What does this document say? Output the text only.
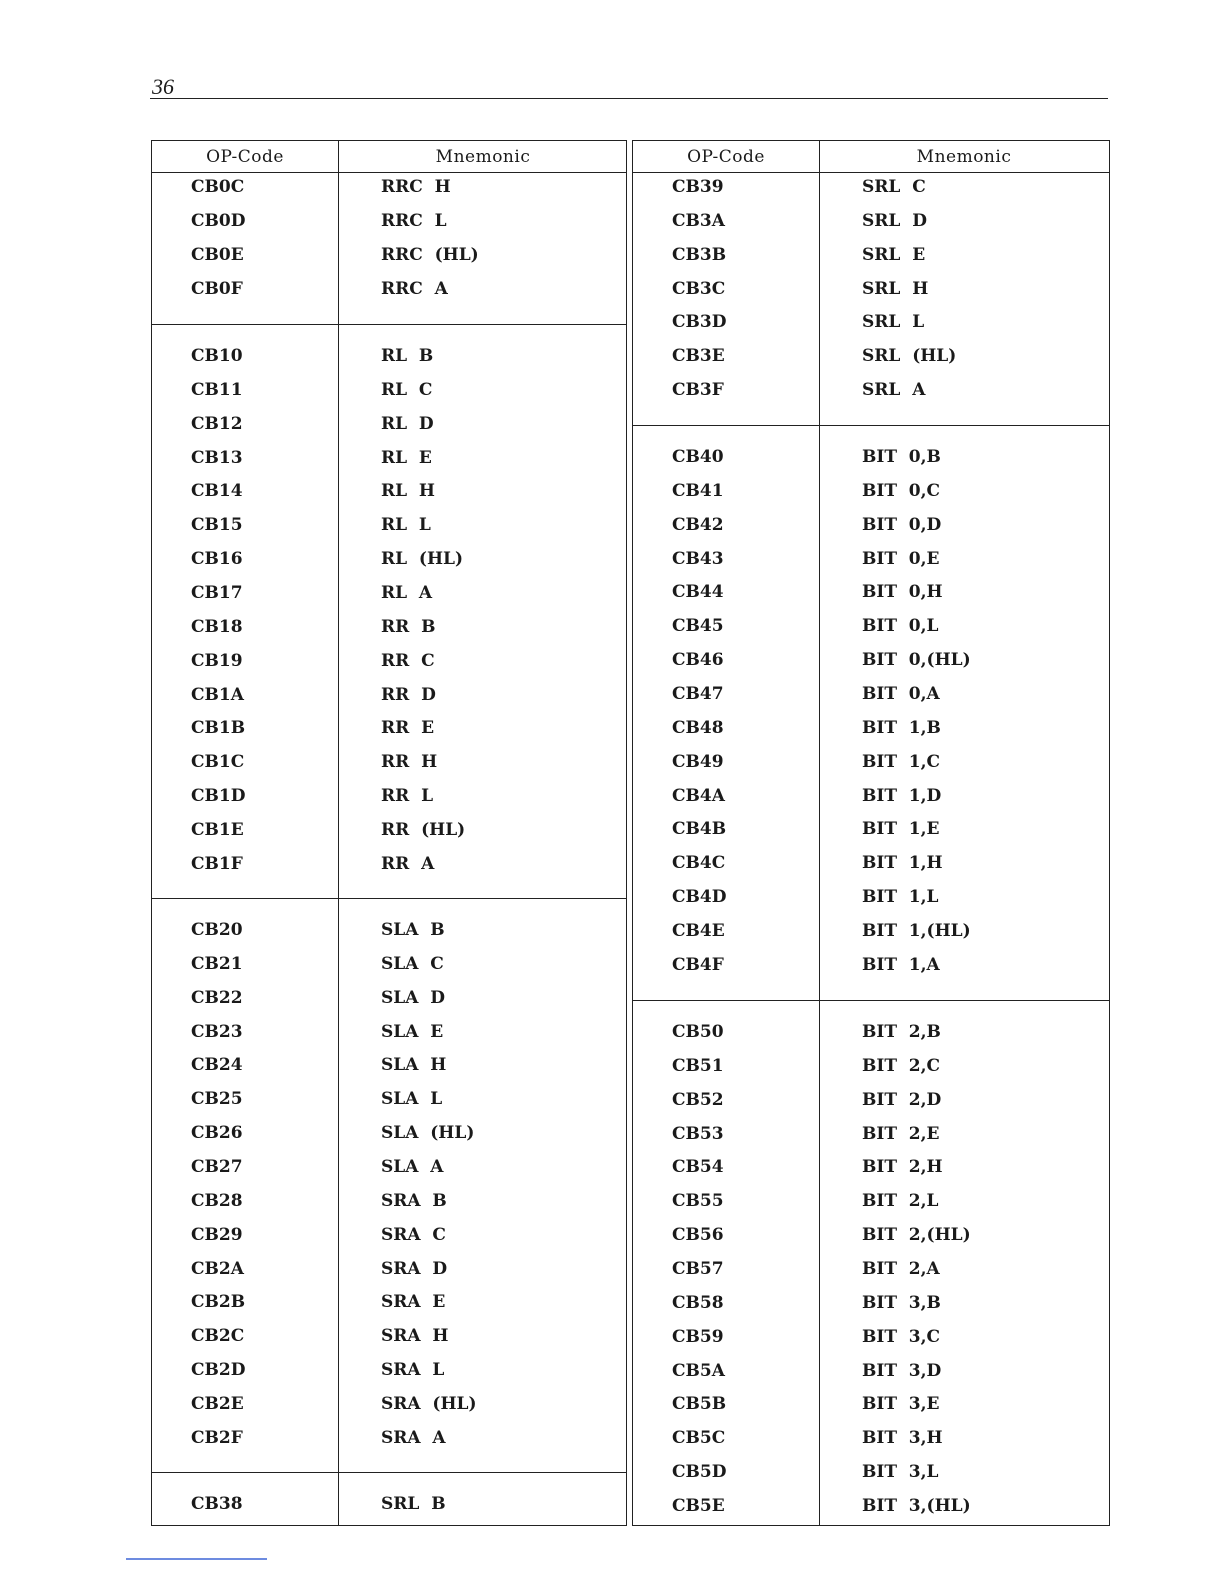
36
OP-Code	Mnemonic
CB0C	RRC  H
CB0D	RRC  L
CB0E	RRC  (HL)
CB0F	RRC  A
CB10	RL  B
CB11	RL  C
CB12	RL  D
CB13	RL  E
CB14	RL  H
CB15	RL  L
CB16	RL  (HL)
CB17	RL  A
CB18	RR  B
CB19	RR  C
CB1A	RR  D
CB1B	RR  E
CB1C	RR  H
CB1D	RR  L
CB1E	RR  (HL)
CB1F	RR  A
CB20	SLA  B
CB21	SLA  C
CB22	SLA  D
CB23	SLA  E
CB24	SLA  H
CB25	SLA  L
CB26	SLA  (HL)
CB27	SLA  A
CB28	SRA  B
CB29	SRA  C
CB2A	SRA  D
CB2B	SRA  E
CB2C	SRA  H
CB2D	SRA  L
CB2E	SRA  (HL)
CB2F	SRA  A
CB38	SRL  B
OP-Code	Mnemonic
CB39	SRL  C
CB3A	SRL  D
CB3B	SRL  E
CB3C	SRL  H
CB3D	SRL  L
CB3E	SRL  (HL)
CB3F	SRL  A
CB40	BIT  0,B
CB41	BIT  0,C
CB42	BIT  0,D
CB43	BIT  0,E
CB44	BIT  0,H
CB45	BIT  0,L
CB46	BIT  0,(HL)
CB47	BIT  0,A
CB48	BIT  1,B
CB49	BIT  1,C
CB4A	BIT  1,D
CB4B	BIT  1,E
CB4C	BIT  1,H
CB4D	BIT  1,L
CB4E	BIT  1,(HL)
CB4F	BIT  1,A
CB50	BIT  2,B
CB51	BIT  2,C
CB52	BIT  2,D
CB53	BIT  2,E
CB54	BIT  2,H
CB55	BIT  2,L
CB56	BIT  2,(HL)
CB57	BIT  2,A
CB58	BIT  3,B
CB59	BIT  3,C
CB5A	BIT  3,D
CB5B	BIT  3,E
CB5C	BIT  3,H
CB5D	BIT  3,L
CB5E	BIT  3,(HL)
